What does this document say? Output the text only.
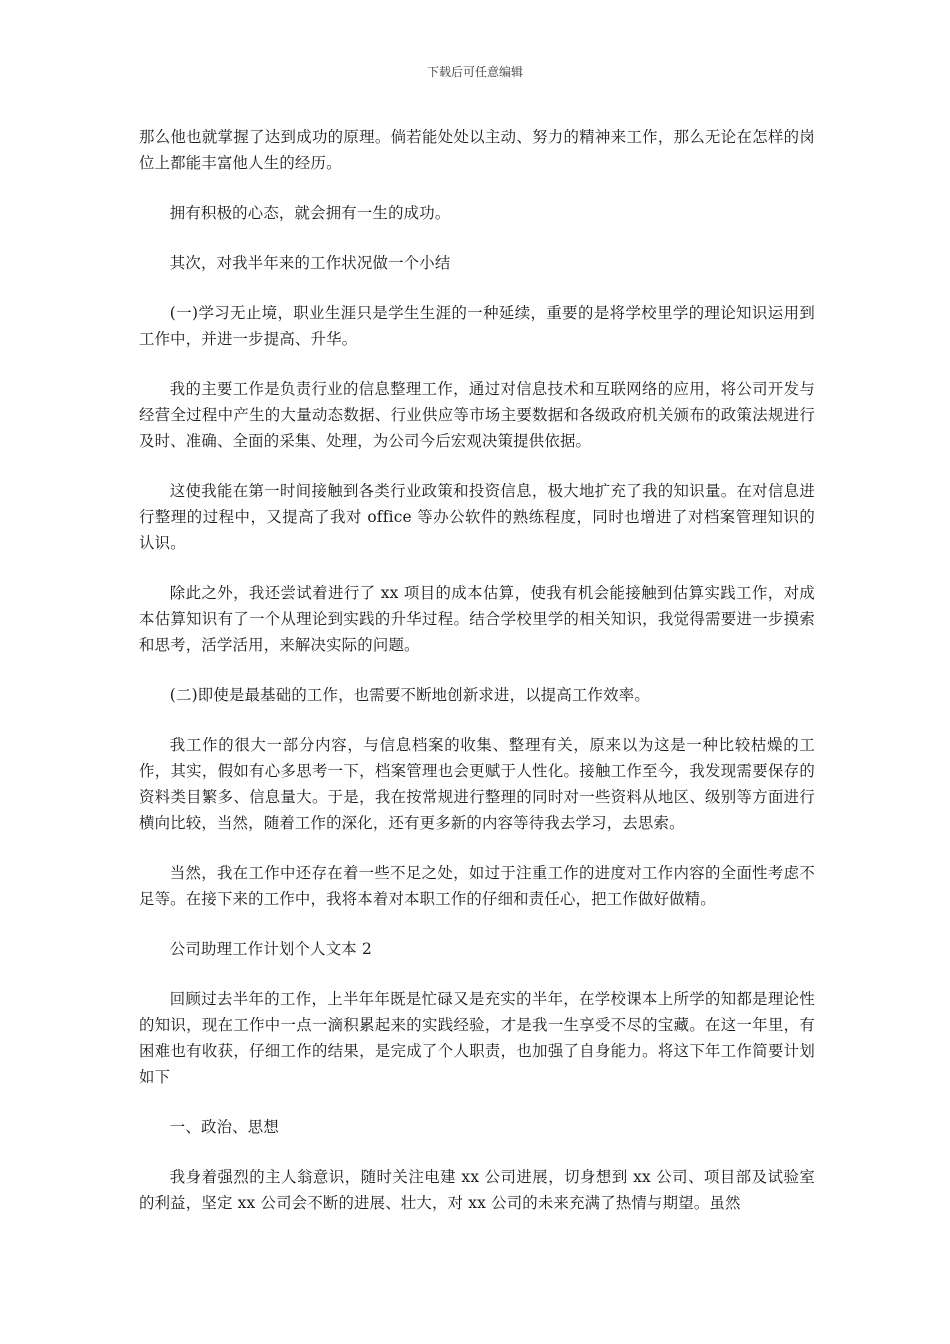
下载后可任意编辑

那么他也就掌握了达到成功的原理。倘若能处处以主动、努力的精神来工作，那么无论在怎样的岗位上都能丰富他人生的经历。

拥有积极的心态，就会拥有一生的成功。

其次，对我半年来的工作状况做一个小结

(一)学习无止境，职业生涯只是学生生涯的一种延续，重要的是将学校里学的理论知识运用到工作中，并进一步提高、升华。

我的主要工作是负责行业的信息整理工作，通过对信息技术和互联网络的应用，将公司开发与经营全过程中产生的大量动态数据、行业供应等市场主要数据和各级政府机关颁布的政策法规进行及时、准确、全面的采集、处理，为公司今后宏观决策提供依据。

这使我能在第一时间接触到各类行业政策和投资信息，极大地扩充了我的知识量。在对信息进行整理的过程中，又提高了我对 office 等办公软件的熟练程度，同时也增进了对档案管理知识的认识。

除此之外，我还尝试着进行了 xx 项目的成本估算，使我有机会能接触到估算实践工作，对成本估算知识有了一个从理论到实践的升华过程。结合学校里学的相关知识，我觉得需要进一步摸索和思考，活学活用，来解决实际的问题。

(二)即使是最基础的工作，也需要不断地创新求进，以提高工作效率。

我工作的很大一部分内容，与信息档案的收集、整理有关，原来以为这是一种比较枯燥的工作，其实，假如有心多思考一下，档案管理也会更赋于人性化。接触工作至今，我发现需要保存的资料类目繁多、信息量大。于是，我在按常规进行整理的同时对一些资料从地区、级别等方面进行横向比较，当然，随着工作的深化，还有更多新的内容等待我去学习，去思索。

当然，我在工作中还存在着一些不足之处，如过于注重工作的进度对工作内容的全面性考虑不足等。在接下来的工作中，我将本着对本职工作的仔细和责任心，把工作做好做精。

公司助理工作计划个人文本 2

回顾过去半年的工作，上半年年既是忙碌又是充实的半年，在学校课本上所学的知都是理论性的知识，现在工作中一点一滴积累起来的实践经验，才是我一生享受不尽的宝藏。在这一年里，有困难也有收获，仔细工作的结果，是完成了个人职责，也加强了自身能力。将这下年工作简要计划如下

一、政治、思想

我身着强烈的主人翁意识，随时关注电建 xx 公司进展，切身想到 xx 公司、项目部及试验室的利益，坚定 xx 公司会不断的进展、壮大，对 xx 公司的未来充满了热情与期望。虽然
